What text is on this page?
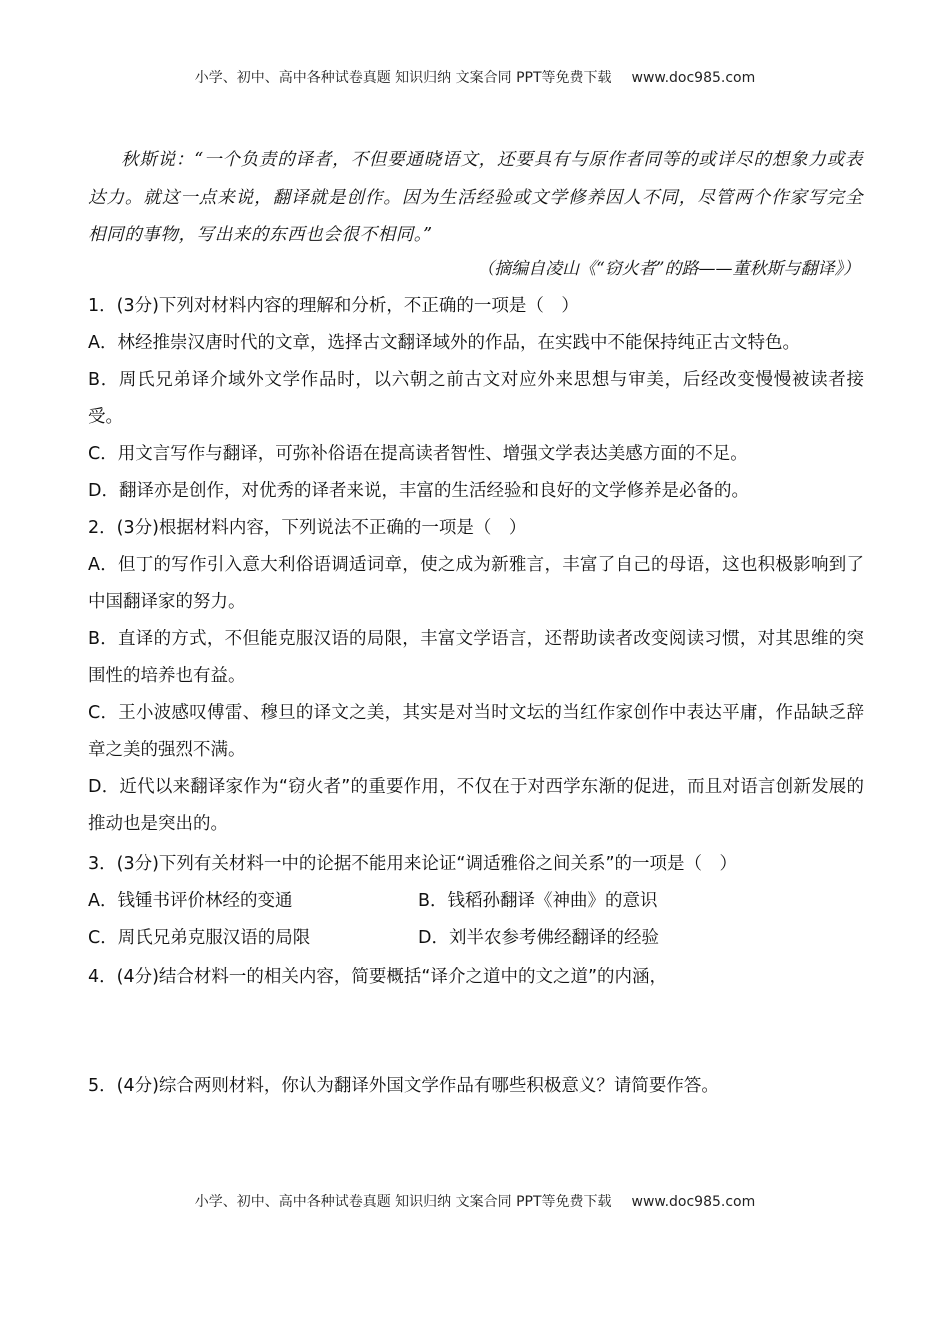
小学、初中、高中各种试卷真题 知识归纳 文案合同 PPT等免费下载 www.doc985.com

秋斯说：“一个负责的译者，不但要通晓语文，还要具有与原作者同等的或详尽的想象力或表达力。就这一点来说，翻译就是创作。因为生活经验或文学修养因人不同，尽管两个作家写完全相同的事物，写出来的东西也会很不相同。”

（摘编自凌山《“窃火者”的路——董秋斯与翻译》）
1．(3分)下列对材料内容的理解和分析，不正确的一项是（　）
A．林经推崇汉唐时代的文章，选择古文翻译域外的作品，在实践中不能保持纯正古文特色。
B．周氏兄弟译介域外文学作品时，以六朝之前古文对应外来思想与审美，后经改变慢慢被读者接受。
C．用文言写作与翻译，可弥补俗语在提高读者智性、增强文学表达美感方面的不足。
D．翻译亦是创作，对优秀的译者来说，丰富的生活经验和良好的文学修养是必备的。
2．(3分)根据材料内容，下列说法不正确的一项是（　）
A．但丁的写作引入意大利俗语调适词章，使之成为新雅言，丰富了自己的母语，这也积极影响到了中国翻译家的努力。
B．直译的方式，不但能克服汉语的局限，丰富文学语言，还帮助读者改变阅读习惯，对其思维的突围性的培养也有益。
C．王小波感叹傅雷、穆旦的译文之美，其实是对当时文坛的当红作家创作中表达平庸，作品缺乏辞章之美的强烈不满。
D．近代以来翻译家作为“窃火者”的重要作用，不仅在于对西学东渐的促进，而且对语言创新发展的推动也是突出的。
3．(3分)下列有关材料一中的论据不能用来论证“调适雅俗之间关系”的一项是（　）
A．钱锺书评价林经的变通	B．钱稻孙翻译《神曲》的意识
C．周氏兄弟克服汉语的局限	D．刘半农参考佛经翻译的经验
4．(4分)结合材料一的相关内容，简要概括“译介之道中的文之道”的内涵，
5．(4分)综合两则材料，你认为翻译外国文学作品有哪些积极意义？请简要作答。
小学、初中、高中各种试卷真题 知识归纳 文案合同 PPT等免费下载 www.doc985.com
